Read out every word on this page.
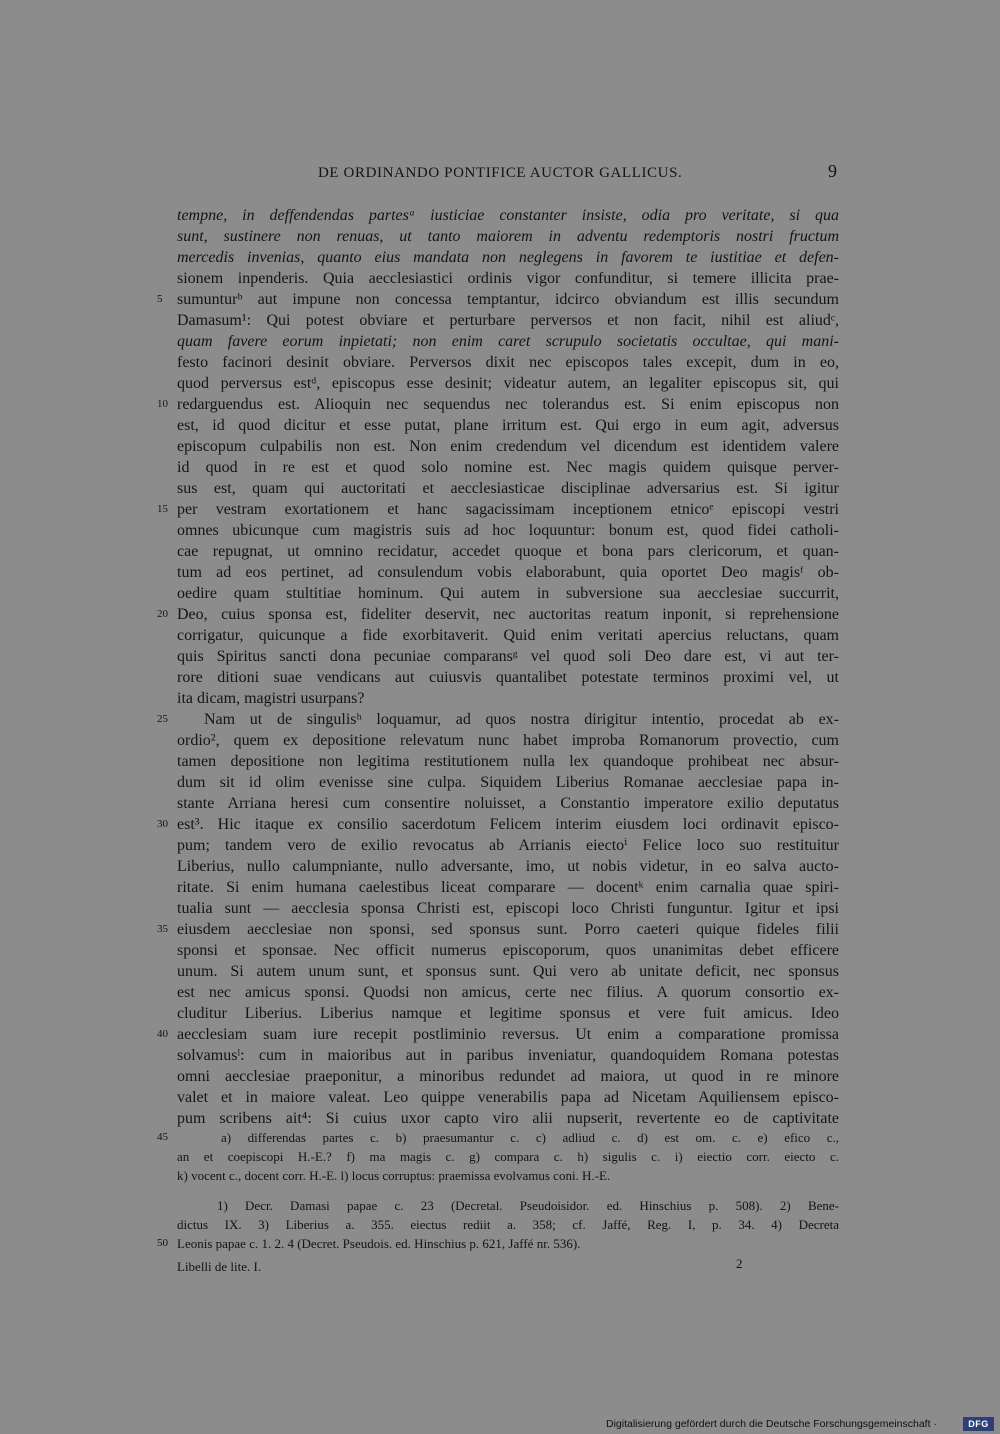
DE ORDINANDO PONTIFICE AUCTOR GALLICUS.	9
tempne, in deffendendas partesᵃ iusticiae constanter insiste, odia pro veritate, si qua
sunt, sustinere non renuas, ut tanto maiorem in adventu redemptoris nostri fructum
mercedis invenias, quanto eius mandata non neglegens in favorem te iustitiae et defen-
sionem inpenderis. Quia aecclesiastici ordinis vigor confunditur, si temere illicita prae-
sumunturᵇ aut impune non concessa temptantur, idcirco obviandum est illis secundum
Damasum¹: Qui potest obviare et perturbare perversos et non facit, nihil est aliudᶜ,
quam favere eorum inpietati; non enim caret scrupulo societatis occultae, qui mani-
festo facinori desinit obviare. Perversos dixit nec episcopos tales excepit, dum in eo,
quod perversus estᵈ, episcopus esse desinit; videatur autem, an legaliter episcopus sit, qui
redarguendus est. Alioquin nec sequendus nec tolerandus est. Si enim episcopus non
est, id quod dicitur et esse putat, plane irritum est. Qui ergo in eum agit, adversus
episcopum culpabilis non est. Non enim credendum vel dicendum est identidem valere
id quod in re est et quod solo nomine est. Nec magis quidem quisque perver-
sus est, quam qui auctoritati et aecclesiasticae disciplinae adversarius est. Si igitur
per vestram exortationem et hanc sagacissimam inceptionem etnicoᵉ episcopi vestri
omnes ubicunque cum magistris suis ad hoc loquuntur: bonum est, quod fidei catholi-
cae repugnat, ut omnino recidatur, accedet quoque et bona pars clericorum, et quan-
tum ad eos pertinet, ad consulendum vobis elaborabunt, quia oportet Deo magisᶠ ob-
oedire quam stultitiae hominum. Qui autem in subversione sua aecclesiae succurrit,
Deo, cuius sponsa est, fideliter deservit, nec auctoritas reatum inponit, si reprehensione
corrigatur, quicunque a fide exorbitaverit. Quid enim veritati apercius reluctans, quam
quis Spiritus sancti dona pecuniae comparansᵍ vel quod soli Deo dare est, vi aut ter-
rore ditioni suae vendicans aut cuiusvis quantalibet potestate terminos proximi vel, ut
ita dicam, magistri usurpans?
Nam ut de singulisʰ loquamur, ad quos nostra dirigitur intentio, procedat ab ex-
ordio², quem ex depositione relevatum nunc habet improba Romanorum provectio, cum
tamen depositione non legitima restitutionem nulla lex quandoque prohibeat nec absur-
dum sit id olim evenisse sine culpa. Siquidem Liberius Romanae aecclesiae papa in-
stante Arriana heresi cum consentire noluisset, a Constantio imperatore exilio deputatus
est³. Hic itaque ex consilio sacerdotum Felicem interim eiusdem loci ordinavit episco-
pum; tandem vero de exilio revocatus ab Arrianis eiectoⁱ Felice loco suo restituitur
Liberius, nullo calumpniante, nullo adversante, imo, ut nobis videtur, in eo salva aucto-
ritate. Si enim humana caelestibus liceat comparare — docentᵏ enim carnalia quae spiri-
tualia sunt — aecclesia sponsa Christi est, episcopi loco Christi funguntur. Igitur et ipsi
eiusdem aecclesiae non sponsi, sed sponsus sunt. Porro caeteri quique fideles filii
sponsi et sponsae. Nec officit numerus episcoporum, quos unanimitas debet efficere
unum. Si autem unum sunt, et sponsus sunt. Qui vero ab unitate deficit, nec sponsus
est nec amicus sponsi. Quodsi non amicus, certe nec filius. A quorum consortio ex-
cluditur Liberius. Liberius namque et legitime sponsus et vere fuit amicus. Ideo
aecclesiam suam iure recepit postliminio reversus. Ut enim a comparatione promissa
solvamusˡ: cum in maioribus aut in paribus inveniatur, quandoquidem Romana potestas
omni aecclesiae praeponitur, a minoribus redundet ad maiora, ut quod in re minore
valet et in maiore valeat. Leo quippe venerabilis papa ad Nicetam Aquiliensem episco-
pum scribens ait⁴: Si cuius uxor capto viro alii nupserit, revertente eo de captivitate
5
10
15
20
25
30
35
40
a) differendas partes c. b) praesumantur c. c) adliud c. d) est om. c. e) efico c.,
an et coepiscopi H.-E.? f) ma magis c. g) compara c. h) sigulis c. i) eiectio corr. eiecto c.
k) vocent c., docent corr. H.-E. l) locus corruptus: praemissa evolvamus coni. H.-E.
1) Decr. Damasi papae c. 23 (Decretal. Pseudoisidor. ed. Hinschius p. 508). 2) Bene-
dictus IX. 3) Liberius a. 355. eiectus rediit a. 358; cf. Jaffé, Reg. I, p. 34. 4) Decreta
Leonis papae c. 1. 2. 4 (Decret. Pseudois. ed. Hinschius p. 621, Jaffé nr. 536).
45
50
Libelli de lite. I.	2
Digitalisierung gefördert durch die Deutsche Forschungsgemeinschaft ·	DFG
